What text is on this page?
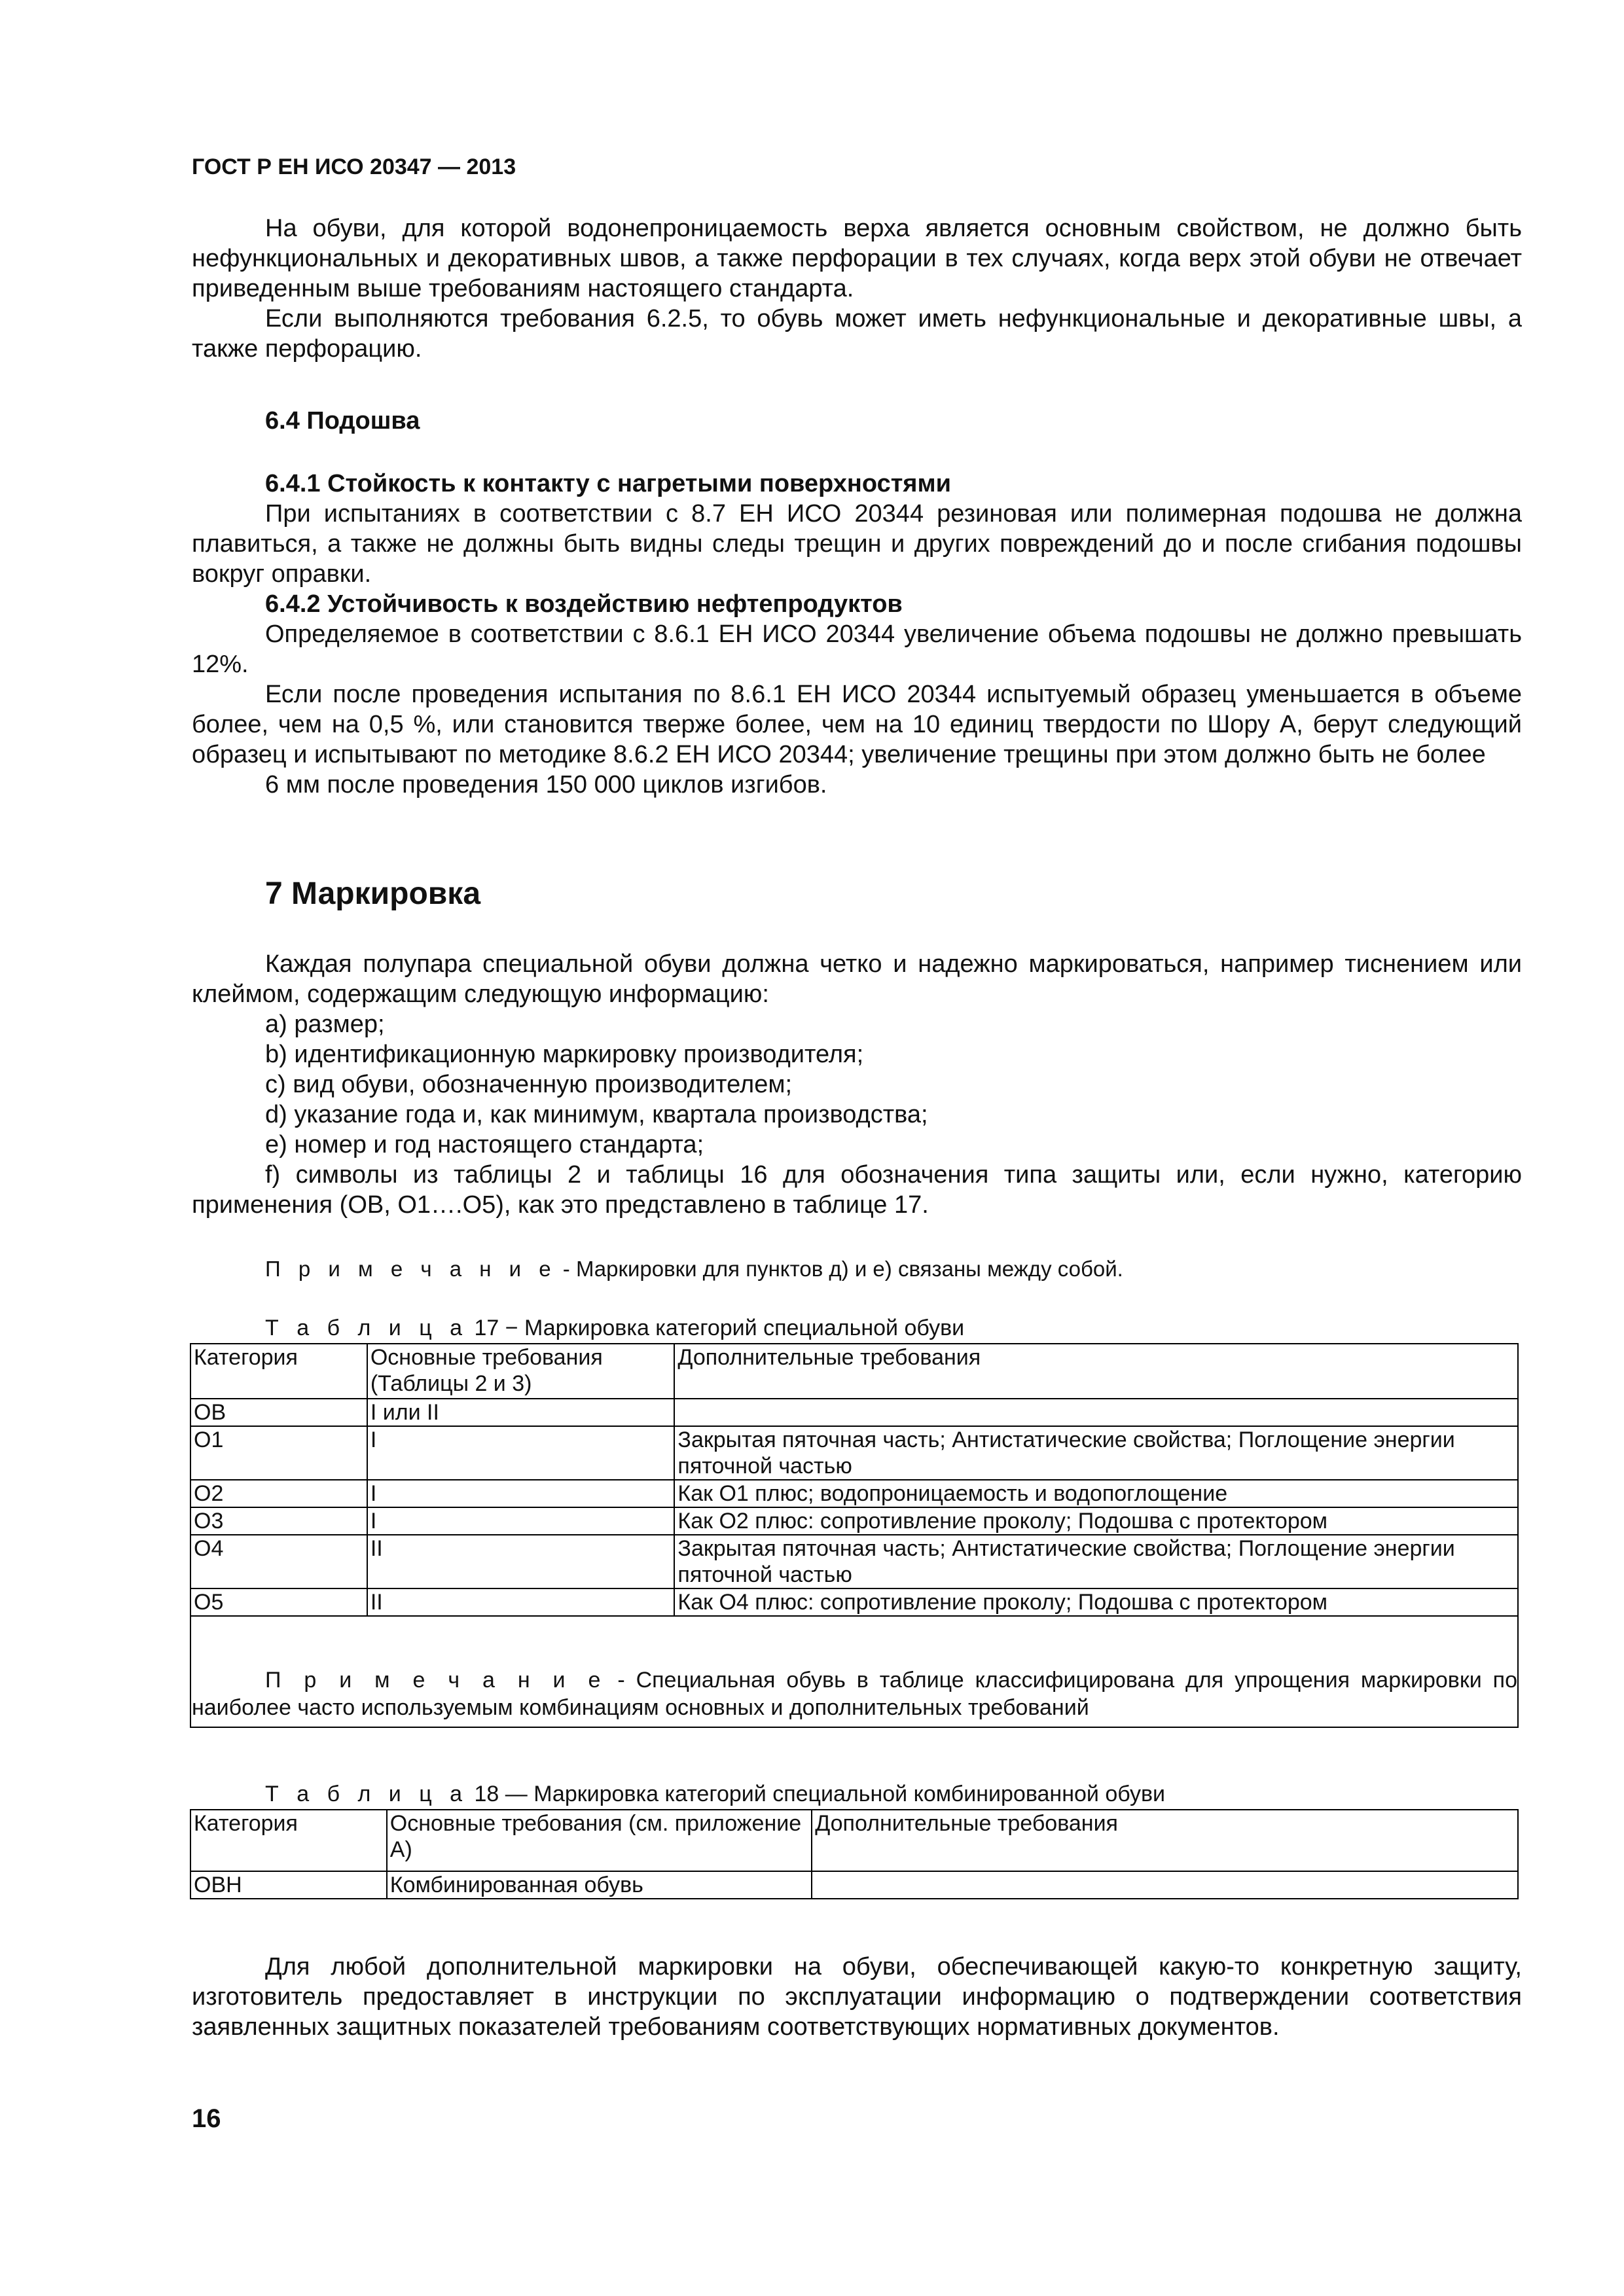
ГОСТ Р ЕН ИСО 20347 — 2013

На обуви, для которой водонепроницаемость верха является основным свойством, не должно быть нефункциональных и декоративных швов, а также перфорации в тех случаях, когда верх этой обуви не отвечает приведенным выше требованиям настоящего стандарта.

Если выполняются требования 6.2.5, то обувь может иметь нефункциональные и декоративные швы, а также перфорацию.

6.4 Подошва

6.4.1 Стойкость к контакту с нагретыми поверхностями

При испытаниях в соответствии с 8.7 ЕН ИСО 20344 резиновая или полимерная подошва не должна плавиться, а также не должны быть видны следы трещин и других повреждений до и после сгибания подошвы вокруг оправки.

6.4.2 Устойчивость к воздействию нефтепродуктов

Определяемое в соответствии с 8.6.1 ЕН ИСО 20344 увеличение объема подошвы не должно превышать 12%.

Если после проведения испытания по 8.6.1 ЕН ИСО 20344 испытуемый образец уменьшается в объеме более, чем на 0,5 %, или становится тверже более, чем на 10 единиц твердости по Шору А, берут следующий образец и испытывают по методике 8.6.2 ЕН ИСО 20344; увеличение трещины при этом должно быть не более

6 мм после проведения 150 000 циклов изгибов.

7 Маркировка

Каждая полупара специальной обуви должна четко и надежно маркироваться, например тиснением или клеймом, содержащим следующую информацию:

a) размер;

b) идентификационную маркировку производителя;

c) вид обуви, обозначенную производителем;

d) указание года и, как минимум, квартала производства;

e) номер и год настоящего стандарта;

f) символы из таблицы 2 и таблицы 16 для обозначения типа защиты или, если нужно, категорию применения (OB, O1….O5), как это представлено в таблице 17.

П р и м е ч а н и е - Маркировки для пунктов д) и е) связаны между собой.
Т а б л и ц а 17 − Маркировка категорий специальной обуви
Категория	Основные требования (Таблицы 2 и 3)	Дополнительные требования
OB	I или II	
O1	I	Закрытая пяточная часть; Антистатические свойства; Поглощение энергии пяточной частью
O2	I	Как O1 плюс; водопроницаемость и водопоглощение
O3	I	Как O2 плюс: сопротивление проколу; Подошва с протектором
O4	II	Закрытая пяточная часть; Антистатические свойства; Поглощение энергии пяточной частью
O5	II	Как O4 плюс: сопротивление проколу; Подошва с протектором

П р и м е ч а н и е - Специальная обувь в таблице классифицирована для упрощения маркировки по наиболее часто используемым комбинациям основных и дополнительных требований

Т а б л и ц а 18 — Маркировка категорий специальной комбинированной обуви
Категория	Основные требования (см. приложение А)	Дополнительные требования
OBH	Комбинированная обувь	

Для любой дополнительной маркировки на обуви, обеспечивающей какую-то конкретную защиту, изготовитель предоставляет в инструкции по эксплуатации информацию о подтверждении соответствия заявленных защитных показателей требованиям соответствующих нормативных документов.

16
